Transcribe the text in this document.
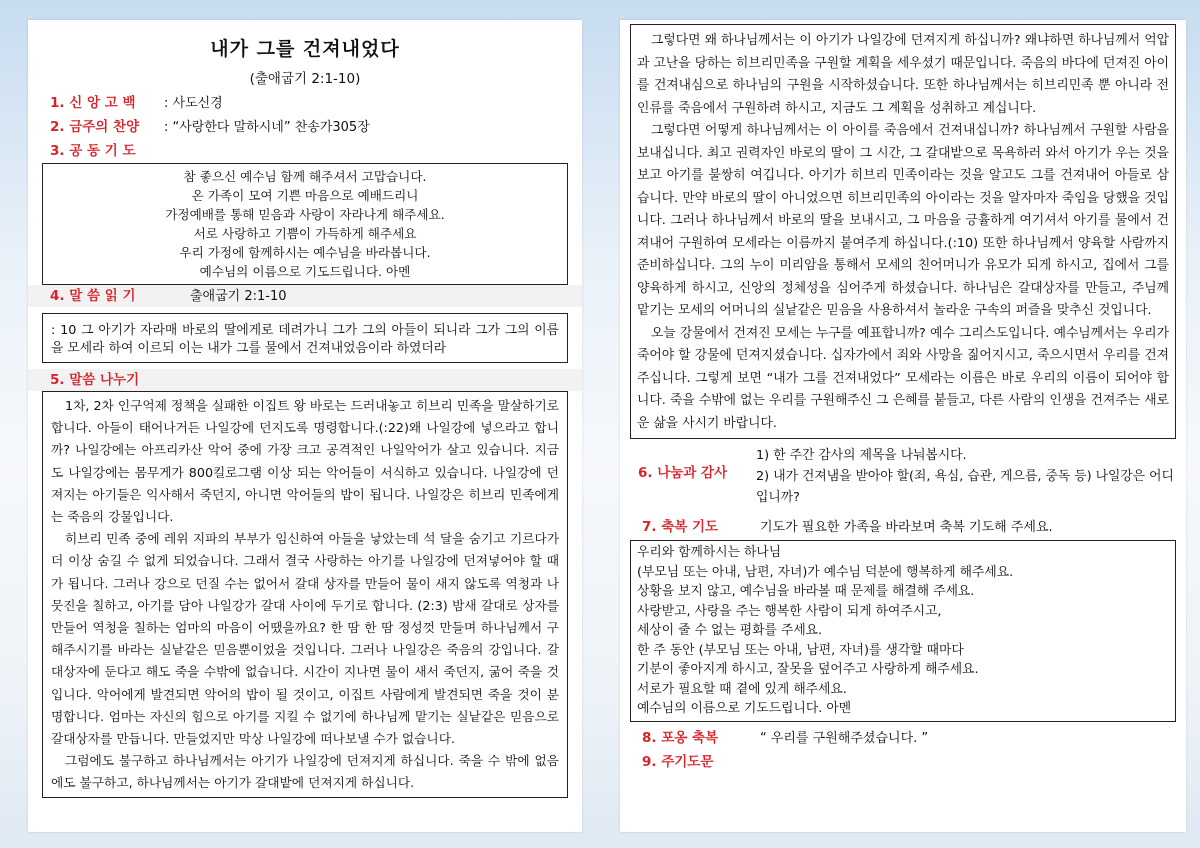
내가 그를 건져내었다
(출애굽기 2:1-10)
1. 신 앙 고 백	: 사도신경
2. 금주의 찬양	: “사랑한다 말하시네” 찬송가305장
3. 공 동 기 도
참 좋으신 예수님 함께 해주셔서 고맙습니다.
온 가족이 모여 기쁜 마음으로 예배드리니
가정예배를 통해 믿음과 사랑이 자라나게 해주세요.
서로 사랑하고 기쁨이 가득하게 해주세요
우리 가정에 함께하시는 예수님을 바라봅니다.
예수님의 이름으로 기도드립니다. 아멘
4. 말 씀 읽 기	출애굽기 2:1-10
: 10 그 아기가 자라매 바로의 딸에게로 데려가니 그가 그의 아들이 되니라 그가 그의 이름을 모세라 하여 이르되 이는 내가 그를 물에서 건져내었음이라 하였더라
5. 말씀 나누기

1차, 2차 인구억제 정책을 실패한 이집트 왕 바로는 드러내놓고 히브리 민족을 말살하기로 합니다. 아들이 태어나거든 나일강에 던지도록 명령합니다.(:22)왜 나일강에 넣으라고 합니까? 나일강에는 아프리카산 악어 중에 가장 크고 공격적인 나일악어가 살고 있습니다. 지금도 나일강에는 몸무게가 800킬로그램 이상 되는 악어들이 서식하고 있습니다. 나일강에 던져지는 아기들은 익사해서 죽던지, 아니면 악어들의 밥이 됩니다. 나일강은 히브리 민족에게는 죽음의 강물입니다.

히브리 민족 중에 레위 지파의 부부가 임신하여 아들을 낳았는데 석 달을 숨기고 기르다가 더 이상 숨길 수 없게 되었습니다. 그래서 결국 사랑하는 아기를 나일강에 던져넣어야 할 때가 됩니다. 그러나 강으로 던질 수는 없어서 갈대 상자를 만들어 물이 새지 않도록 역청과 나뭇진을 칠하고, 아기를 담아 나일강가 갈대 사이에 두기로 합니다. (2:3) 밤새 갈대로 상자를 만들어 역청을 칠하는 엄마의 마음이 어땠을까요? 한 땀 한 땀 정성껏 만들며 하나님께서 구해주시기를 바라는 실낱같은 믿음뿐이었을 것입니다. 그러나 나일강은 죽음의 강입니다. 갈대상자에 둔다고 해도 죽을 수밖에 없습니다. 시간이 지나면 물이 새서 죽던지, 굶어 죽을 것입니다. 악어에게 발견되면 악어의 밥이 될 것이고, 이집트 사람에게 발견되면 죽을 것이 분명합니다. 엄마는 자신의 힘으로 아기를 지킬 수 없기에 하나님께 맡기는 실낱같은 믿음으로 갈대상자를 만듭니다. 만들었지만 막상 나일강에 떠나보낼 수가 없습니다.

그럼에도 불구하고 하나님께서는 아기가 나일강에 던져지게 하십니다. 죽을 수 밖에 없음에도 불구하고, 하나님께서는 아기가 갈대밭에 던져지게 하십니다.

그렇다면 왜 하나님께서는 이 아기가 나일강에 던져지게 하십니까? 왜냐하면 하나님께서 억압과 고난을 당하는 히브리민족을 구원할 계획을 세우셨기 때문입니다. 죽음의 바다에 던져진 아이를 건져내심으로 하나님의 구원을 시작하셨습니다. 또한 하나님께서는 히브리민족 뿐 아니라 전인류를 죽음에서 구원하려 하시고, 지금도 그 계획을 성취하고 계십니다.

그렇다면 어떻게 하나님께서는 이 아이를 죽음에서 건져내십니까? 하나님께서 구원할 사람을 보내십니다. 최고 권력자인 바로의 딸이 그 시간, 그 갈대밭으로 목욕하러 와서 아기가 우는 것을 보고 아기를 불쌍히 여깁니다. 아기가 히브리 민족이라는 것을 알고도 그를 건져내어 아들로 삼습니다. 만약 바로의 딸이 아니었으면 히브리민족의 아이라는 것을 알자마자 죽임을 당했을 것입니다. 그러나 하나님께서 바로의 딸을 보내시고, 그 마음을 긍휼하게 여기셔서 아기를 물에서 건져내어 구원하여 모세라는 이름까지 붙여주게 하십니다.(:10) 또한 하나님께서 양육할 사람까지 준비하십니다. 그의 누이 미리암을 통해서 모세의 친어머니가 유모가 되게 하시고, 집에서 그를 양육하게 하시고, 신앙의 정체성을 심어주게 하셨습니다. 하나님은 갈대상자를 만들고, 주님께 맡기는 모세의 어머니의 실낱같은 믿음을 사용하셔서 놀라운 구속의 퍼즐을 맞추신 것입니다.

오늘 강물에서 건져진 모세는 누구를 예표합니까? 예수 그리스도입니다. 예수님께서는 우리가 죽어야 할 강물에 던져지셨습니다. 십자가에서 죄와 사망을 짊어지시고, 죽으시면서 우리를 건져주십니다. 그렇게 보면 “내가 그를 건져내었다” 모세라는 이름은 바로 우리의 이름이 되어야 합니다. 죽을 수밖에 없는 우리를 구원해주신 그 은혜를 붙들고, 다른 사람의 인생을 건져주는 새로운 삶을 사시기 바랍니다.

6. 나눔과 감사
1) 한 주간 감사의 제목을 나눠봅시다.
2) 내가 건져냄을 받아야 할(죄, 욕심, 습관, 게으름, 중독 등) 나일강은 어디입니까?
7. 축복 기도	기도가 필요한 가족을 바라보며 축복 기도해 주세요.
우리와 함께하시는 하나님
(부모님 또는 아내, 남편, 자녀)가 예수님 덕분에 행복하게 해주세요.
상황을 보지 않고, 예수님을 바라볼 때 문제를 해결해 주세요.
사랑받고, 사랑을 주는 행복한 사람이 되게 하여주시고,
세상이 줄 수 없는 평화를 주세요.
한 주 동안 (부모님 또는 아내, 남편, 자녀)를 생각할 때마다
기분이 좋아지게 하시고, 잘못을 덮어주고 사랑하게 해주세요.
서로가 필요할 때 곁에 있게 해주세요.
예수님의 이름으로 기도드립니다. 아멘
8. 포옹 축복	“ 우리를 구원해주셨습니다. ”
9. 주기도문
